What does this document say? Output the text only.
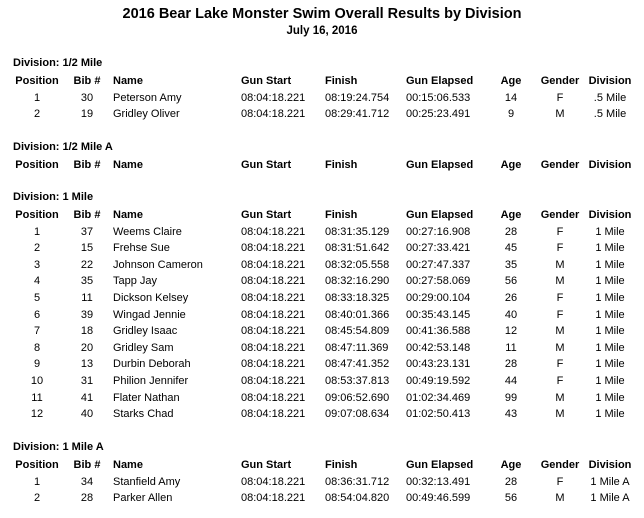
2016 Bear Lake Monster Swim Overall Results by Division
July 16, 2016
Division: 1/2 Mile
Position Bib # Name	Gun Start	Finish	Gun Elapsed Age	Gender Division
1	30	Peterson Amy	08:04:18.221 08:19:24.754 00:15:06.533	14	F	.5 Mile
2	19	Gridley Oliver	08:04:18.221 08:29:41.712 00:25:23.491	9	M	.5 Mile
Division: 1/2 Mile A
Position Bib # Name	Gun Start	Finish	Gun Elapsed Age	Gender Division
Division: 1 Mile
Position Bib # Name	Gun Start	Finish	Gun Elapsed Age	Gender Division
1	37	Weems Claire	08:04:18.221 08:31:35.129 00:27:16.908	28	F	1 Mile
2	15	Frehse Sue	08:04:18.221 08:31:51.642 00:27:33.421	45	F	1 Mile
3	22	Johnson Cameron	08:04:18.221 08:32:05.558 00:27:47.337	35	M	1 Mile
4	35	Tapp Jay	08:04:18.221 08:32:16.290 00:27:58.069	56	M	1 Mile
5	11	Dickson Kelsey	08:04:18.221 08:33:18.325 00:29:00.104	26	F	1 Mile
6	39	Wingad Jennie	08:04:18.221 08:40:01.366 00:35:43.145	40	F	1 Mile
7	18	Gridley Isaac	08:04:18.221 08:45:54.809 00:41:36.588	12	M	1 Mile
8	20	Gridley Sam	08:04:18.221 08:47:11.369 00:42:53.148	11	M	1 Mile
9	13	Durbin Deborah	08:04:18.221 08:47:41.352 00:43:23.131	28	F	1 Mile
10	31	Philion Jennifer	08:04:18.221 08:53:37.813 00:49:19.592	44	F	1 Mile
11	41	Flater Nathan	08:04:18.221 09:06:52.690 01:02:34.469	99	M	1 Mile
12	40	Starks Chad	08:04:18.221 09:07:08.634 01:02:50.413	43	M	1 Mile
Division: 1 Mile A
Position Bib # Name	Gun Start	Finish	Gun Elapsed Age	Gender Division
1	34	Stanfield Amy	08:04:18.221 08:36:31.712 00:32:13.491	28	F	1 Mile A
2	28	Parker Allen	08:04:18.221 08:54:04.820 00:49:46.599	56	M	1 Mile A
